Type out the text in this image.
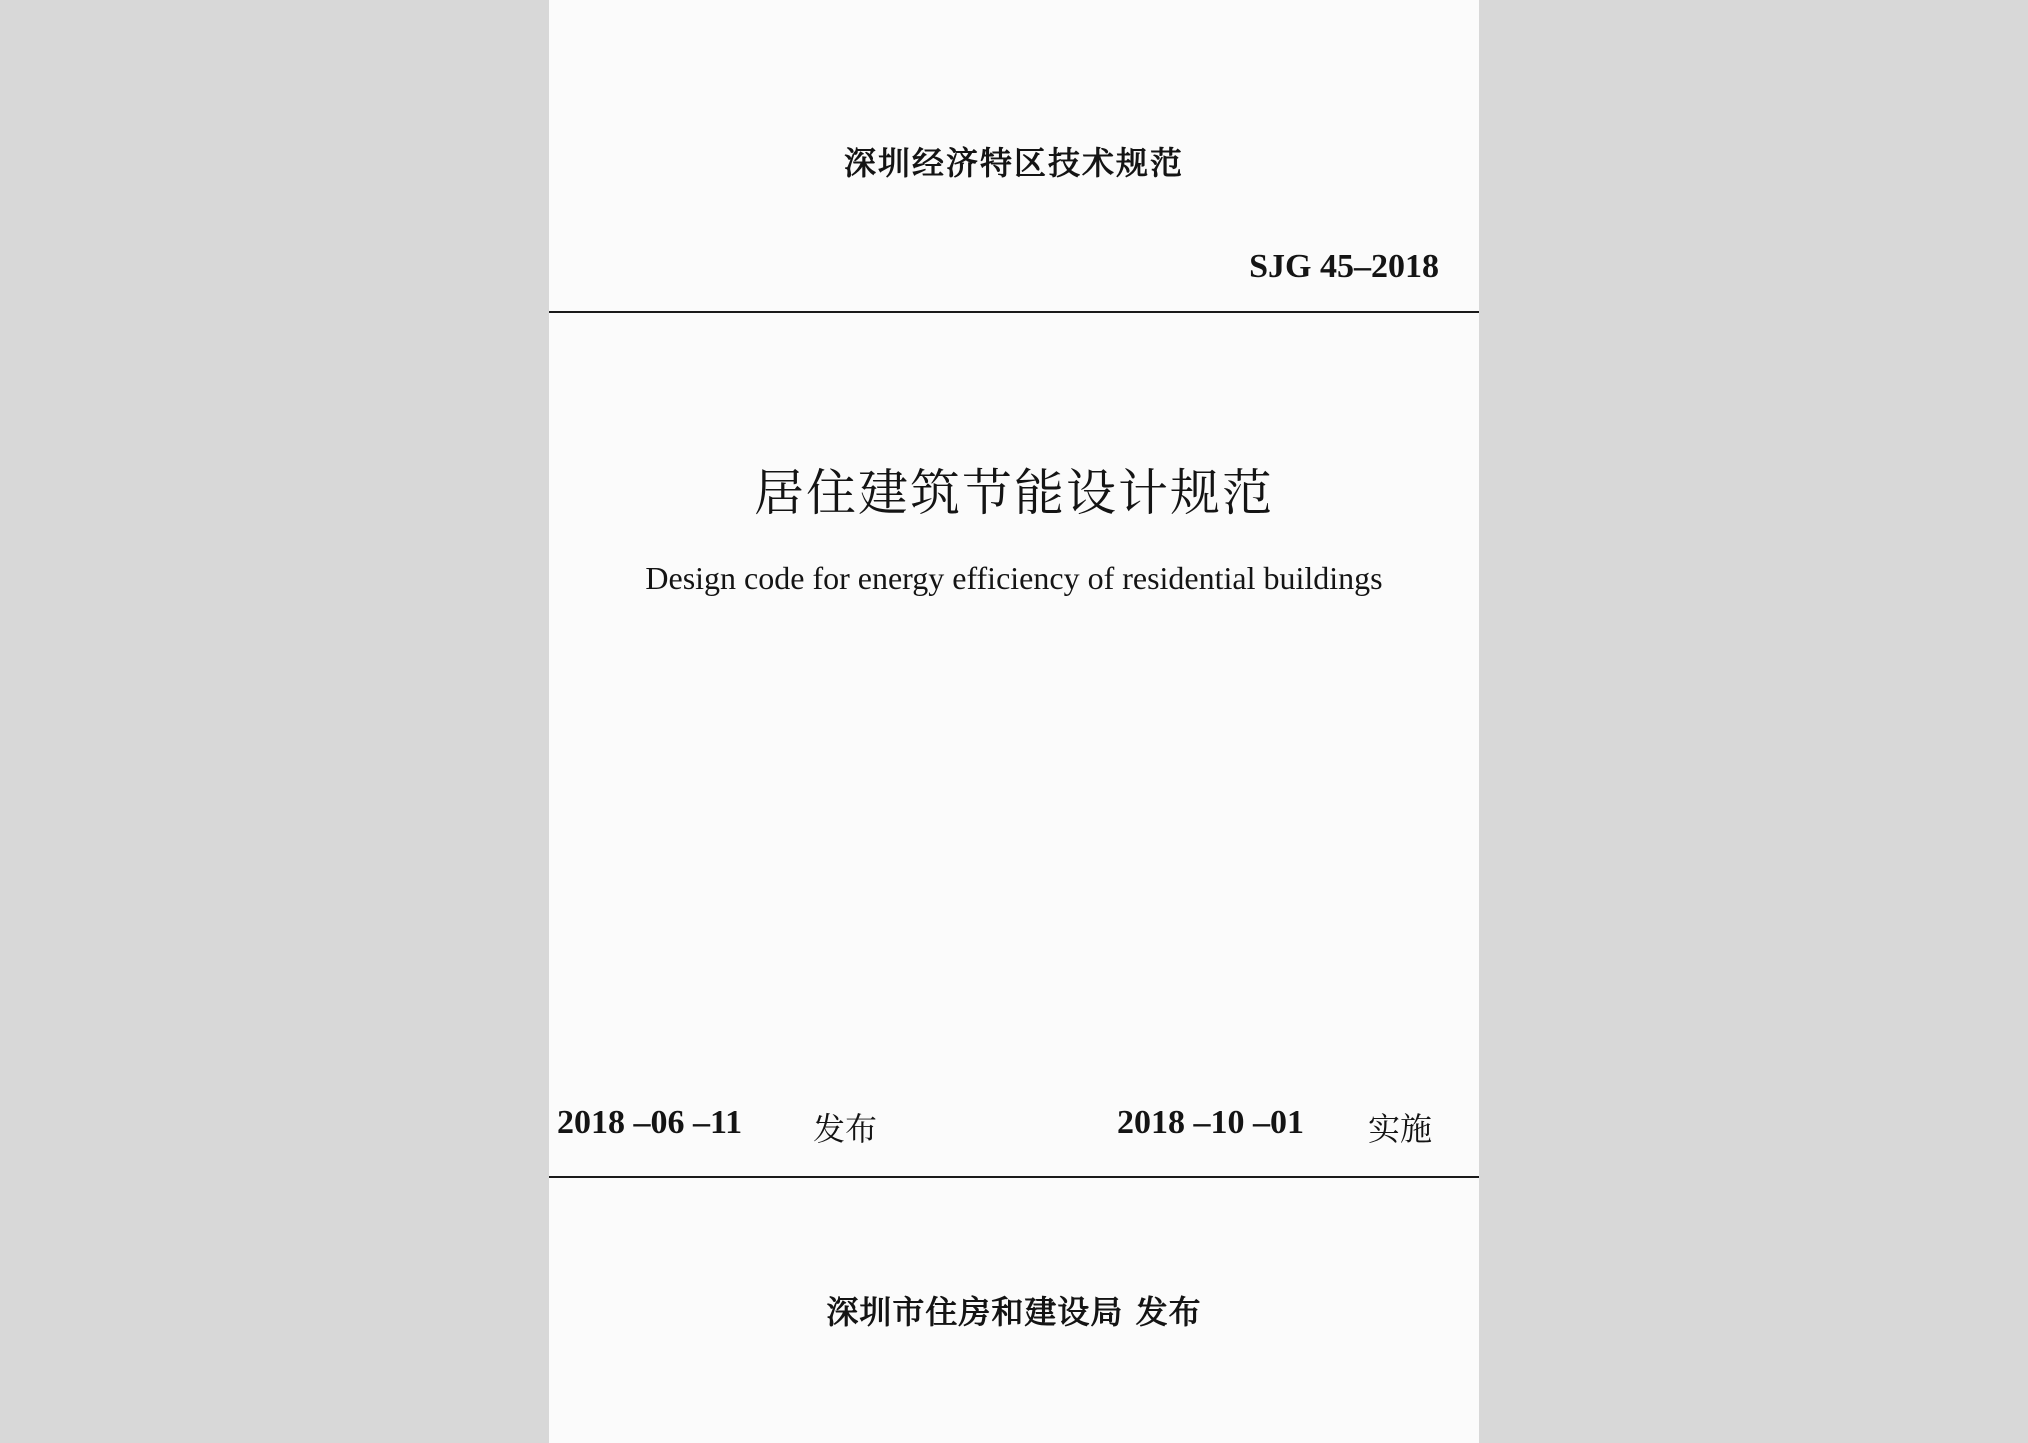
深圳经济特区技术规范
SJG 45–2018
居住建筑节能设计规范
Design code for energy efficiency of residential buildings
2018 –06 –11 发布	2018 –10 –01 实施
深圳市住房和建设局 发布
